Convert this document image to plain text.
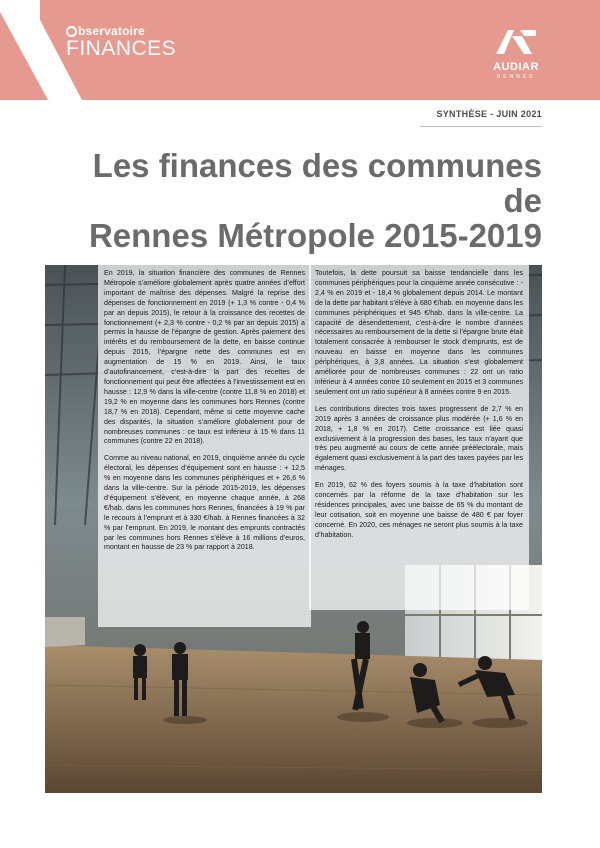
bservatoire
FINANCES
AUDIAR
RENNES
SYNTHÈSE - JUIN 2021
Les finances des communes de
Rennes Métropole 2015-2019

En 2019, la situation financière des communes de Rennes Métropole s’améliore globalement après quatre années d’effort important de maîtrise des dépenses. Malgré la reprise des dépenses de fonctionnement en 2019 (+ 1,3 % contre - 0,4 % par an depuis 2015), le retour à la croissance des recettes de fonctionnement (+ 2,3 % contre - 0,2 % par an depuis 2015) a permis la hausse de l’épargne de gestion. Après paiement des intérêts et du remboursement de la dette, en baisse continue depuis 2015, l’épargne nette des communes est en augmentation de 15 % en 2019. Ainsi, le taux d’autofinancement, c’est-à-dire la part des recettes de fonctionnement qui peut être affectées à l’investissement est en hausse : 12,9 % dans la ville-centre (contre 11,8 % en 2018) et 19,2 % en moyenne dans les communes hors Rennes (contre 18,7 % en 2018). Cependant, même si cette moyenne cache des disparités, la situation s’améliore globalement pour de nombreuses communes : ce taux est inférieur à 15 % dans 11 communes (contre 22 en 2018).

Comme au niveau national, en 2019, cinquième année du cycle électoral, les dépenses d’équipement sont en hausse : + 12,5 % en moyenne dans les communes périphériques et + 26,6 % dans la ville-centre. Sur la période 2015-2019, les dépenses d’équipement s’élèvent, en moyenne chaque année, à 268 €/hab. dans les communes hors Rennes, financées à 19 % par le recours à l’emprunt et à 330 €/hab. à Rennes financées à 32 % par l’emprunt. En 2019, le montant des emprunts contractés par les communes hors Rennes s’élève à 16 millions d’euros, montant en hausse de 23 % par rapport à 2018.

Toutefois, la dette poursuit sa baisse tendancielle dans les communes périphériques pour la cinquième année consécutive : - 2,4 % en 2019 et - 18,4 % globalement depuis 2014. Le montant de la dette par habitant s’élève à 680 €/hab. en moyenne dans les communes périphériques et 945 €/hab. dans la ville-centre. La capacité de désendettement, c’est-à-dire le nombre d’années nécessaires au remboursement de la dette si l’épargne brute était totalement consacrée à rembourser le stock d’emprunts, est de nouveau en baisse en moyenne dans les communes périphériques, à 3,8 années. La situation s’est globalement améliorée pour de nombreuses communes : 22 ont un ratio inférieur à 4 années contre 10 seulement en 2015 et 3 communes seulement ont un ratio supérieur à 8 années contre 9 en 2015.

Les contributions directes trois taxes progressent de 2,7 % en 2019 après 3 années de croissance plus modérée (+ 1,6 % en 2018, + 1,8 % en 2017). Cette croissance est liée quasi exclusivement à la progression des bases, les taux n’ayant que très peu augmenté au cours de cette année préélectorale, mais également quasi exclusivement à la part des taxes payées par les ménages.

En 2019, 62 % des foyers soumis à la taxe d’habitation sont concernés par la réforme de la taxe d’habitation sur les résidences principales, avec une baisse de 65 % du montant de leur cotisation, soit en moyenne une baisse de 480 € par foyer concerné. En 2020, ces ménages ne seront plus soumis à la taxe d’habitation.
